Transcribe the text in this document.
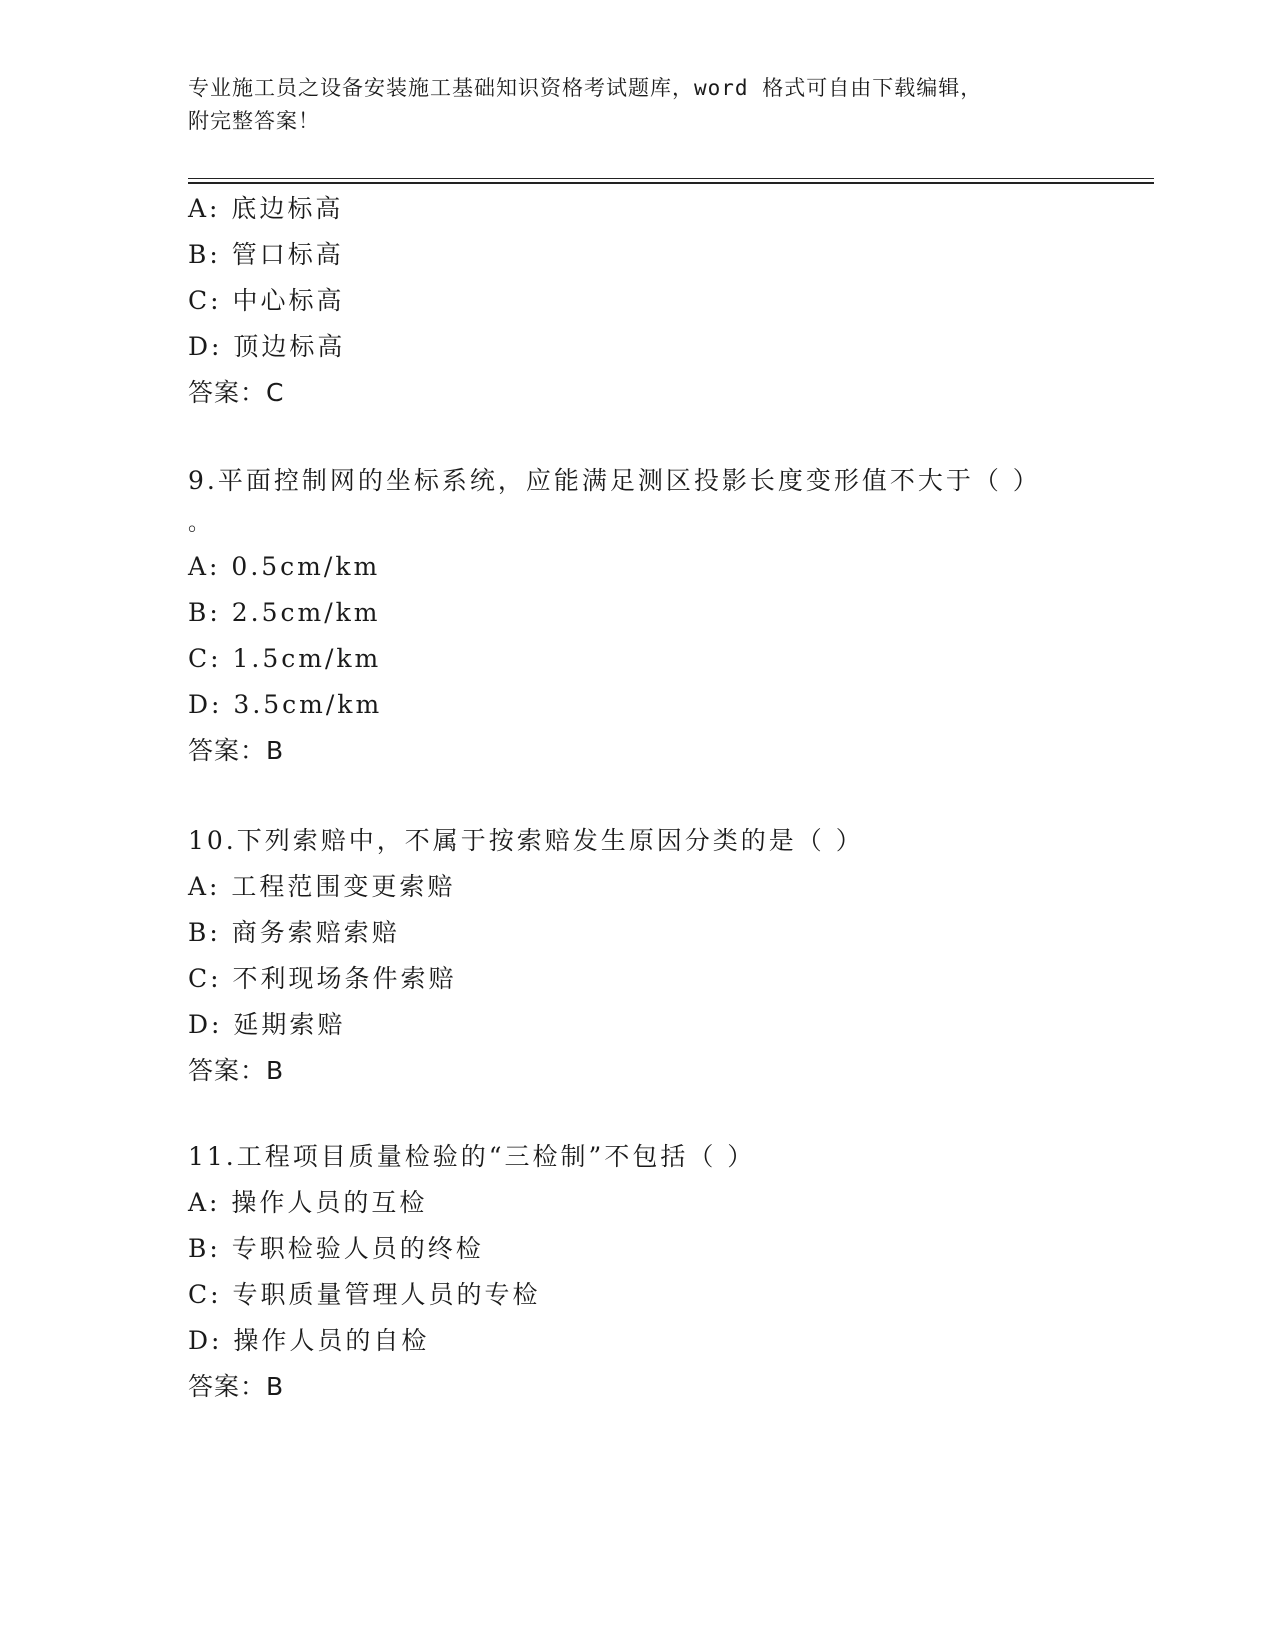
专业施工员之设备安装施工基础知识资格考试题库，word 格式可自由下载编辑，
附完整答案！
A: 底边标高
B: 管口标高
C: 中心标高
D: 顶边标高
答案：C
9.平面控制网的坐标系统，应能满足测区投影长度变形值不大于（ ）
。
A: 0.5cm/km
B: 2.5cm/km
C: 1.5cm/km
D: 3.5cm/km
答案：B
10.下列索赔中，不属于按索赔发生原因分类的是（ ）
A: 工程范围变更索赔
B: 商务索赔索赔
C: 不利现场条件索赔
D: 延期索赔
答案：B
11.工程项目质量检验的“三检制”不包括（ ）
A: 操作人员的互检
B: 专职检验人员的终检
C: 专职质量管理人员的专检
D: 操作人员的自检
答案：B
